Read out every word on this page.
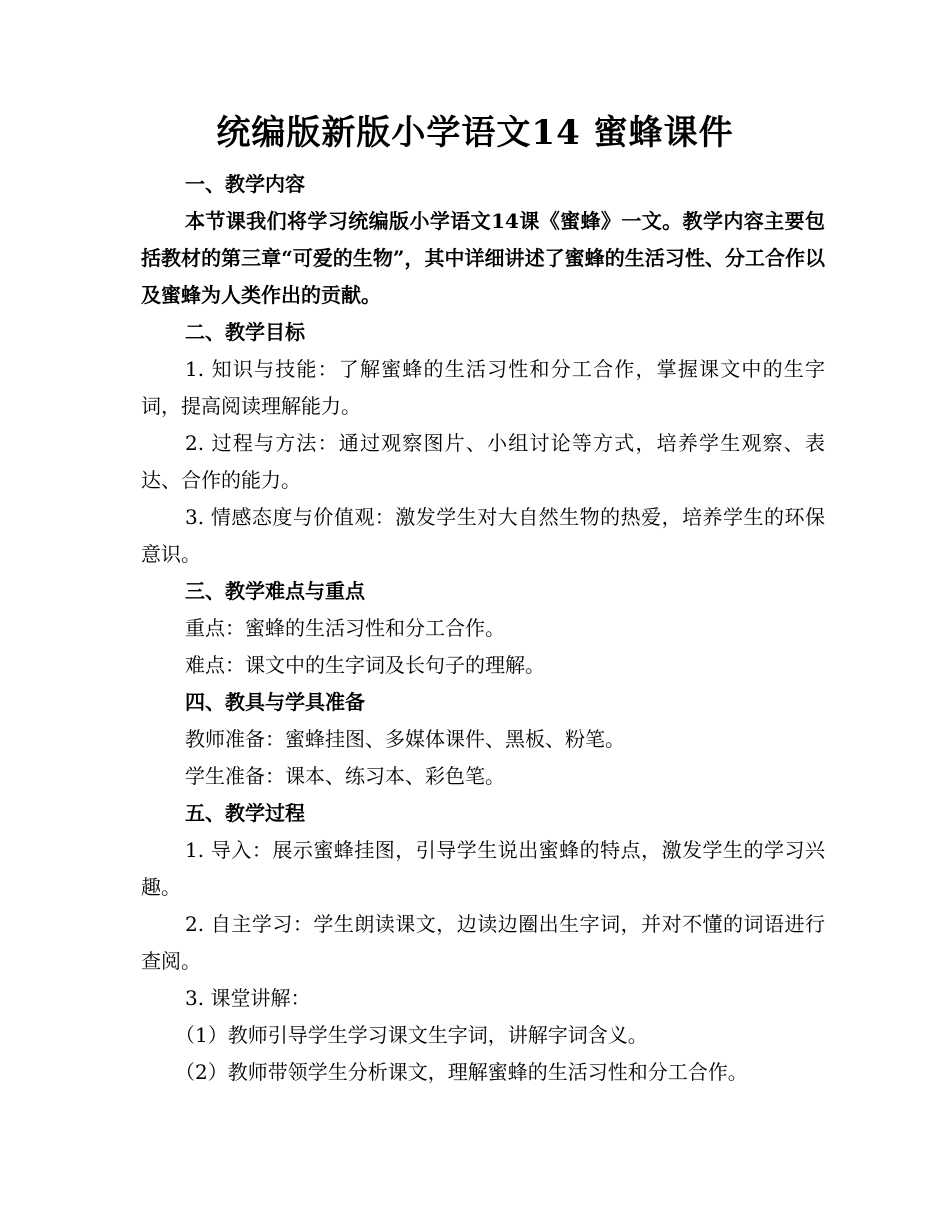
统编版新版小学语文14 蜜蜂课件

一、教学内容

本节课我们将学习统编版小学语文14课《蜜蜂》一文。教学内容主要包括教材的第三章“可爱的生物”，其中详细讲述了蜜蜂的生活习性、分工合作以及蜜蜂为人类作出的贡献。

二、教学目标

1. 知识与技能：了解蜜蜂的生活习性和分工合作，掌握课文中的生字词，提高阅读理解能力。

2. 过程与方法：通过观察图片、小组讨论等方式，培养学生观察、表达、合作的能力。

3. 情感态度与价值观：激发学生对大自然生物的热爱，培养学生的环保意识。

三、教学难点与重点

重点：蜜蜂的生活习性和分工合作。

难点：课文中的生字词及长句子的理解。

四、教具与学具准备

教师准备：蜜蜂挂图、多媒体课件、黑板、粉笔。

学生准备：课本、练习本、彩色笔。

五、教学过程

1. 导入：展示蜜蜂挂图，引导学生说出蜜蜂的特点，激发学生的学习兴趣。

2. 自主学习：学生朗读课文，边读边圈出生字词，并对不懂的词语进行查阅。

3. 课堂讲解：

（1）教师引导学生学习课文生字词，讲解字词含义。

（2）教师带领学生分析课文，理解蜜蜂的生活习性和分工合作。
